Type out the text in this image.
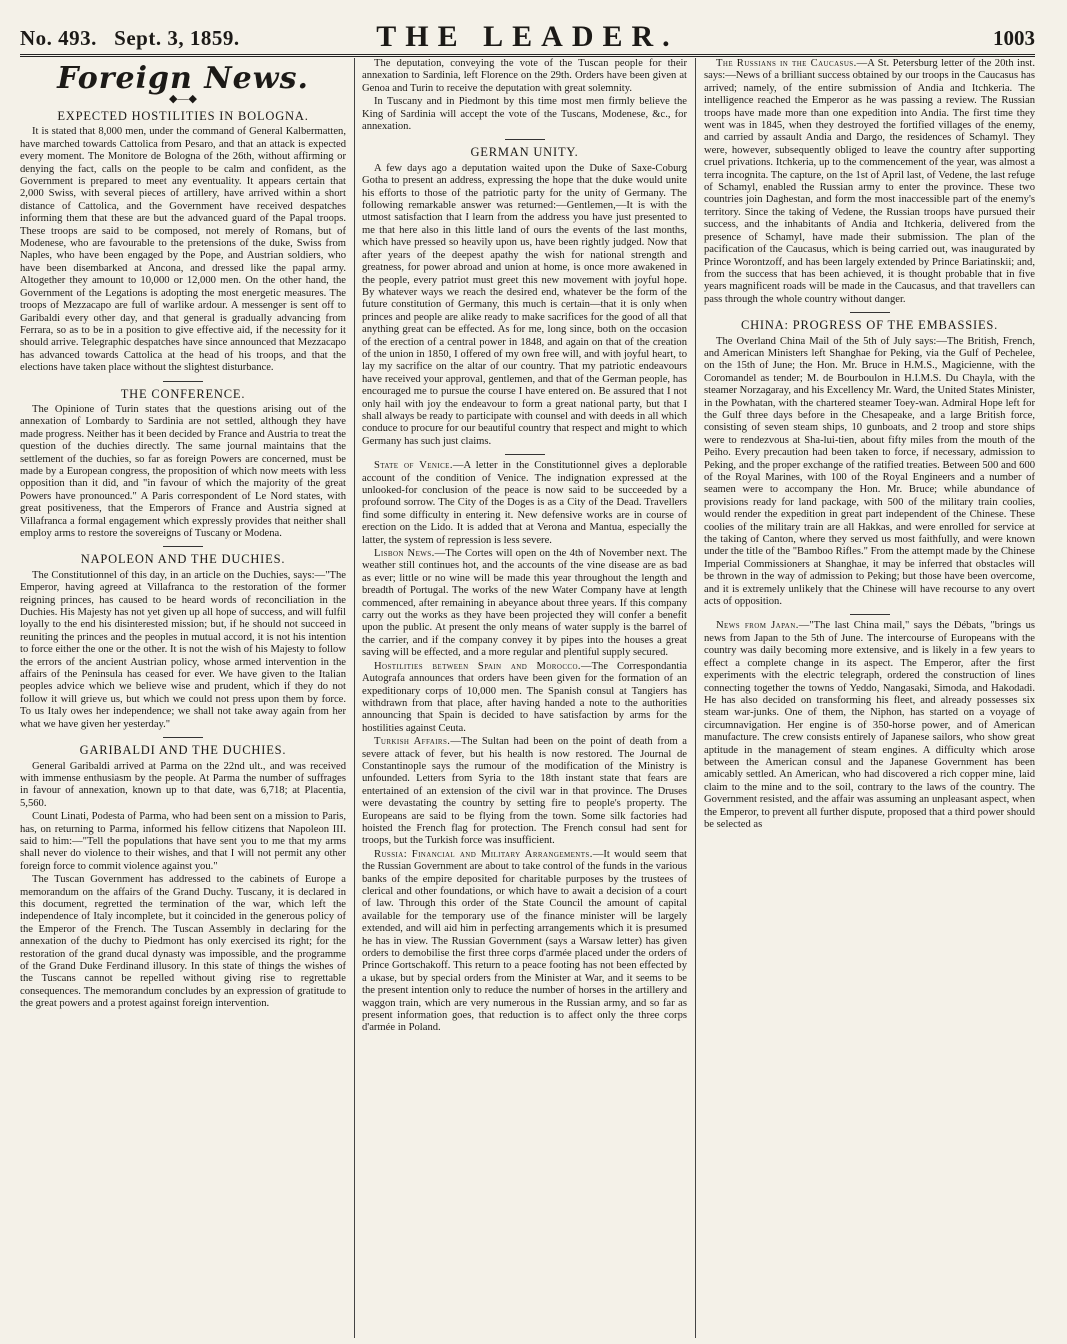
No. 493. Sept. 3, 1859.	THE LEADER.	1003
Foreign News.
◆—◆
EXPECTED HOSTILITIES IN BOLOGNA.

It is stated that 8,000 men, under the command of General Kalbermatten, have marched towards Cattolica from Pesaro, and that an attack is expected every moment. The Monitore de Bologna of the 26th, without affirming or denying the fact, calls on the people to be calm and confident, as the Government is prepared to meet any eventuality. It appears certain that 2,000 Swiss, with several pieces of artillery, have arrived within a short distance of Cattolica, and the Government have received despatches informing them that these are but the advanced guard of the Papal troops. These troops are said to be composed, not merely of Romans, but of Modenese, who are favourable to the pretensions of the duke, Swiss from Naples, who have been engaged by the Pope, and Austrian soldiers, who have been disembarked at Ancona, and dressed like the papal army. Altogether they amount to 10,000 or 12,000 men. On the other hand, the Government of the Legations is adopting the most energetic measures. The troops of Mezzacapo are full of warlike ardour. A messenger is sent off to Garibaldi every other day, and that general is gradually advancing from Ferrara, so as to be in a position to give effective aid, if the necessity for it should arrive. Telegraphic despatches have since announced that Mezzacapo has advanced towards Cattolica at the head of his troops, and that the elections have taken place without the slightest disturbance.

THE CONFERENCE.

The Opinione of Turin states that the questions arising out of the annexation of Lombardy to Sardinia are not settled, although they have made progress. Neither has it been decided by France and Austria to treat the question of the duchies directly. The same journal maintains that the settlement of the duchies, so far as foreign Powers are concerned, must be made by a European congress, the proposition of which now meets with less opposition than it did, and "in favour of which the majority of the great Powers have pronounced." A Paris correspondent of Le Nord states, with great positiveness, that the Emperors of France and Austria signed at Villafranca a formal engagement which expressly provides that neither shall employ arms to restore the sovereigns of Tuscany or Modena.

NAPOLEON AND THE DUCHIES.

The Constitutionnel of this day, in an article on the Duchies, says:—"The Emperor, having agreed at Villafranca to the restoration of the former reigning princes, has caused to be heard words of reconciliation in the Duchies. His Majesty has not yet given up all hope of success, and will fulfil loyally to the end his disinterested mission; but, if he should not succeed in reuniting the princes and the peoples in mutual accord, it is not his intention to force either the one or the other. It is not the wish of his Majesty to follow the errors of the ancient Austrian policy, whose armed intervention in the affairs of the Peninsula has ceased for ever. We have given to the Italian peoples advice which we believe wise and prudent, which if they do not follow it will grieve us, but which we could not press upon them by force. To us Italy owes her independence; we shall not take away again from her what we have given her yesterday."

GARIBALDI AND THE DUCHIES.

General Garibaldi arrived at Parma on the 22nd ult., and was received with immense enthusiasm by the people. At Parma the number of suffrages in favour of annexation, known up to that date, was 6,718; at Placentia, 5,560.

Count Linati, Podesta of Parma, who had been sent on a mission to Paris, has, on returning to Parma, informed his fellow citizens that Napoleon III. said to him:—"Tell the populations that have sent you to me that my arms shall never do violence to their wishes, and that I will not permit any other foreign force to commit violence against you."

The Tuscan Government has addressed to the cabinets of Europe a memorandum on the affairs of the Grand Duchy. Tuscany, it is declared in this document, regretted the termination of the war, which left the independence of Italy incomplete, but it coincided in the generous policy of the Emperor of the French. The Tuscan Assembly in declaring for the annexation of the duchy to Piedmont has only exercised its right; for the restoration of the grand ducal dynasty was impossible, and the programme of the Grand Duke Ferdinand illusory. In this state of things the wishes of the Tuscans cannot be repelled without giving rise to regrettable consequences. The memorandum concludes by an expression of gratitude to the great powers and a protest against foreign intervention.

The deputation, conveying the vote of the Tuscan people for their annexation to Sardinia, left Florence on the 29th. Orders have been given at Genoa and Turin to receive the deputation with great solemnity.

In Tuscany and in Piedmont by this time most men firmly believe the King of Sardinia will accept the vote of the Tuscans, Modenese, &c., for annexation.

GERMAN UNITY.

A few days ago a deputation waited upon the Duke of Saxe-Coburg Gotha to present an address, expressing the hope that the duke would unite his efforts to those of the patriotic party for the unity of Germany. The following remarkable answer was returned:—Gentlemen,—It is with the utmost satisfaction that I learn from the address you have just presented to me that here also in this little land of ours the events of the last months, which have pressed so heavily upon us, have been rightly judged. Now that after years of the deepest apathy the wish for national strength and greatness, for power abroad and union at home, is once more awakened in the people, every patriot must greet this new movement with joyful hope. By whatever ways we reach the desired end, whatever be the form of the future constitution of Germany, this much is certain—that it is only when princes and people are alike ready to make sacrifices for the good of all that anything great can be effected. As for me, long since, both on the occasion of the erection of a central power in 1848, and again on that of the creation of the union in 1850, I offered of my own free will, and with joyful heart, to lay my sacrifice on the altar of our country. That my patriotic endeavours have received your approval, gentlemen, and that of the German people, has encouraged me to pursue the course I have entered on. Be assured that I not only hail with joy the endeavour to form a great national party, but that I shall always be ready to participate with counsel and with deeds in all which conduce to procure for our beautiful country that respect and might to which Germany has such just claims.

State of Venice.—A letter in the Constitutionnel gives a deplorable account of the condition of Venice. The indignation expressed at the unlooked-for conclusion of the peace is now said to be succeeded by a profound sorrow. The City of the Doges is as a City of the Dead. Travellers find some difficulty in entering it. New defensive works are in course of erection on the Lido. It is added that at Verona and Mantua, especially the latter, the system of repression is less severe.

Lisbon News.—The Cortes will open on the 4th of November next. The weather still continues hot, and the accounts of the vine disease are as bad as ever; little or no wine will be made this year throughout the length and breadth of Portugal. The works of the new Water Company have at length commenced, after remaining in abeyance about three years. If this company carry out the works as they have been projected they will confer a benefit upon the public. At present the only means of water supply is the barrel of the carrier, and if the company convey it by pipes into the houses a great saving will be effected, and a more regular and plentiful supply secured.

Hostilities between Spain and Morocco.—The Correspondantia Autografa announces that orders have been given for the formation of an expeditionary corps of 10,000 men. The Spanish consul at Tangiers has withdrawn from that place, after having handed a note to the authorities announcing that Spain is decided to have satisfaction by arms for the hostilities against Ceuta.

Turkish Affairs.—The Sultan had been on the point of death from a severe attack of fever, but his health is now restored. The Journal de Constantinople says the rumour of the modification of the Ministry is unfounded. Letters from Syria to the 18th instant state that fears are entertained of an extension of the civil war in that province. The Druses were devastating the country by setting fire to people's property. The Europeans are said to be flying from the town. Some silk factories had hoisted the French flag for protection. The French consul had sent for troops, but the Turkish force was insufficient.

Russia: Financial and Military Arrangements.—It would seem that the Russian Government are about to take control of the funds in the various banks of the empire deposited for charitable purposes by the trustees of clerical and other foundations, or which have to await a decision of a court of law. Through this order of the State Council the amount of capital available for the temporary use of the finance minister will be largely extended, and will aid him in perfecting arrangements which it is presumed he has in view. The Russian Government (says a Warsaw letter) has given orders to demobilise the first three corps d'armée placed under the orders of Prince Gortschakoff. This return to a peace footing has not been effected by a ukase, but by special orders from the Minister at War, and it seems to be the present intention only to reduce the number of horses in the artillery and waggon train, which are very numerous in the Russian army, and so far as present information goes, that reduction is to affect only the three corps d'armée in Poland.

The Russians in the Caucasus.—A St. Petersburg letter of the 20th inst. says:—News of a brilliant success obtained by our troops in the Caucasus has arrived; namely, of the entire submission of Andia and Itchkeria. The intelligence reached the Emperor as he was passing a review. The Russian troops have made more than one expedition into Andia. The first time they went was in 1845, when they destroyed the fortified villages of the enemy, and carried by assault Andia and Dargo, the residences of Schamyl. They were, however, subsequently obliged to leave the country after supporting cruel privations. Itchkeria, up to the commencement of the year, was almost a terra incognita. The capture, on the 1st of April last, of Vedene, the last refuge of Schamyl, enabled the Russian army to enter the province. These two countries join Daghestan, and form the most inaccessible part of the enemy's territory. Since the taking of Vedene, the Russian troops have pursued their success, and the inhabitants of Andia and Itchkeria, delivered from the presence of Schamyl, have made their submission. The plan of the pacification of the Caucasus, which is being carried out, was inaugurated by Prince Worontzoff, and has been largely extended by Prince Bariatinskii; and, from the success that has been achieved, it is thought probable that in five years magnificent roads will be made in the Caucasus, and that travellers can pass through the whole country without danger.

CHINA: PROGRESS OF THE EMBASSIES.

The Overland China Mail of the 5th of July says:—The British, French, and American Ministers left Shanghae for Peking, via the Gulf of Pechelee, on the 15th of June; the Hon. Mr. Bruce in H.M.S., Magicienne, with the Coromandel as tender; M. de Bourboulon in H.I.M.S. Du Chayla, with the steamer Norzagaray, and his Excellency Mr. Ward, the United States Minister, in the Powhatan, with the chartered steamer Toey-wan. Admiral Hope left for the Gulf three days before in the Chesapeake, and a large British force, consisting of seven steam ships, 10 gunboats, and 2 troop and store ships were to rendezvous at Sha-lui-tien, about fifty miles from the mouth of the Peiho. Every precaution had been taken to force, if necessary, admission to Peking, and the proper exchange of the ratified treaties. Between 500 and 600 of the Royal Marines, with 100 of the Royal Engineers and a number of seamen were to accompany the Hon. Mr. Bruce; while abundance of provisions ready for land package, with 500 of the military train coolies, would render the expedition in great part independent of the Chinese. These coolies of the military train are all Hakkas, and were enrolled for service at the taking of Canton, where they served us most faithfully, and were known under the title of the "Bamboo Rifles." From the attempt made by the Chinese Imperial Commissioners at Shanghae, it may be inferred that obstacles will be thrown in the way of admission to Peking; but those have been overcome, and it is extremely unlikely that the Chinese will have recourse to any overt acts of opposition.

News from Japan.—"The last China mail," says the Débats, "brings us news from Japan to the 5th of June. The intercourse of Europeans with the country was daily becoming more extensive, and is likely in a few years to effect a complete change in its aspect. The Emperor, after the first experiments with the electric telegraph, ordered the construction of lines connecting together the towns of Yeddo, Nangasaki, Simoda, and Hakodadi. He has also decided on transforming his fleet, and already possesses six steam war-junks. One of them, the Niphon, has started on a voyage of circumnavigation. Her engine is of 350-horse power, and of American manufacture. The crew consists entirely of Japanese sailors, who show great aptitude in the management of steam engines. A difficulty which arose between the American consul and the Japanese Government has been amicably settled. An American, who had discovered a rich copper mine, laid claim to the mine and to the soil, contrary to the laws of the country. The Government resisted, and the affair was assuming an unpleasant aspect, when the Emperor, to prevent all further dispute, proposed that a third power should be selected as
